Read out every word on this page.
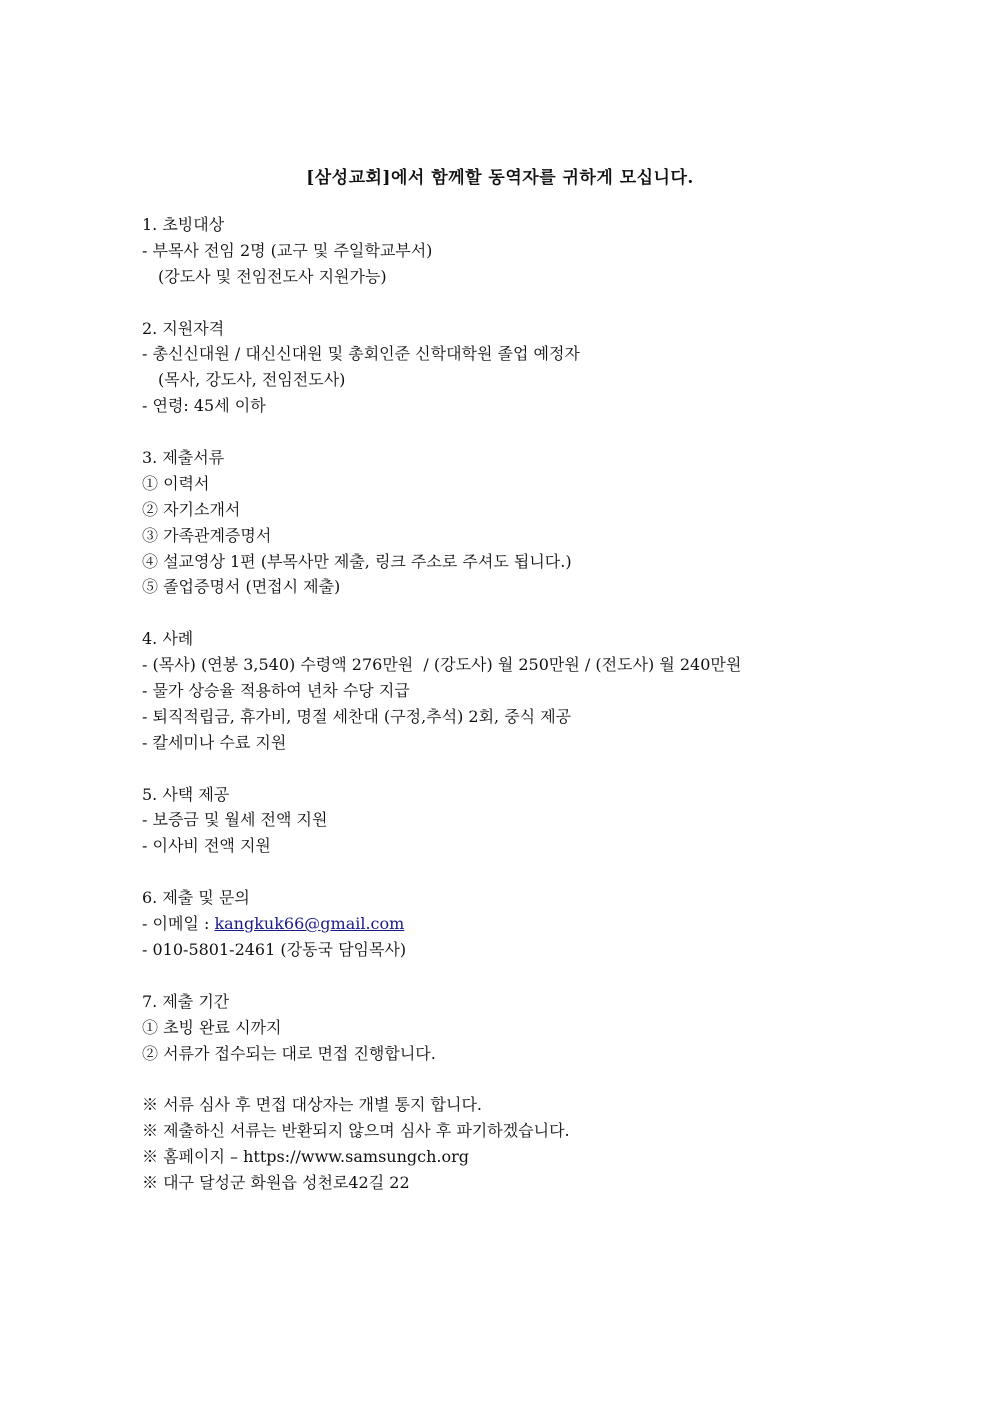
[삼성교회]에서 함께할 동역자를 귀하게 모십니다.
1. 초빙대상
- 부목사 전임 2명 (교구 및 주일학교부서)
(강도사 및 전임전도사 지원가능)
2. 지원자격
- 총신신대원 / 대신신대원 및 총회인준 신학대학원 졸업 예정자
(목사, 강도사, 전임전도사)
- 연령: 45세 이하
3. 제출서류
① 이력서
② 자기소개서
③ 가족관계증명서
④ 설교영상 1편 (부목사만 제출, 링크 주소로 주셔도 됩니다.)
⑤ 졸업증명서 (면접시 제출)
4. 사례
- (목사) (연봉 3,540) 수령액 276만원  / (강도사) 월 250만원 / (전도사) 월 240만원
- 물가 상승율 적용하여 년차 수당 지급
- 퇴직적립금, 휴가비, 명절 세찬대 (구정,추석) 2회, 중식 제공
- 칼세미나 수료 지원
5. 사택 제공
- 보증금 및 월세 전액 지원
- 이사비 전액 지원
6. 제출 및 문의
- 이메일 : kangkuk66@gmail.com
- 010-5801-2461 (강동국 담임목사)
7. 제출 기간
① 초빙 완료 시까지
② 서류가 접수되는 대로 면접 진행합니다.
※ 서류 심사 후 면접 대상자는 개별 통지 합니다.
※ 제출하신 서류는 반환되지 않으며 심사 후 파기하겠습니다.
※ 홈페이지 – https://www.samsungch.org
※ 대구 달성군 화원읍 성천로42길 22
